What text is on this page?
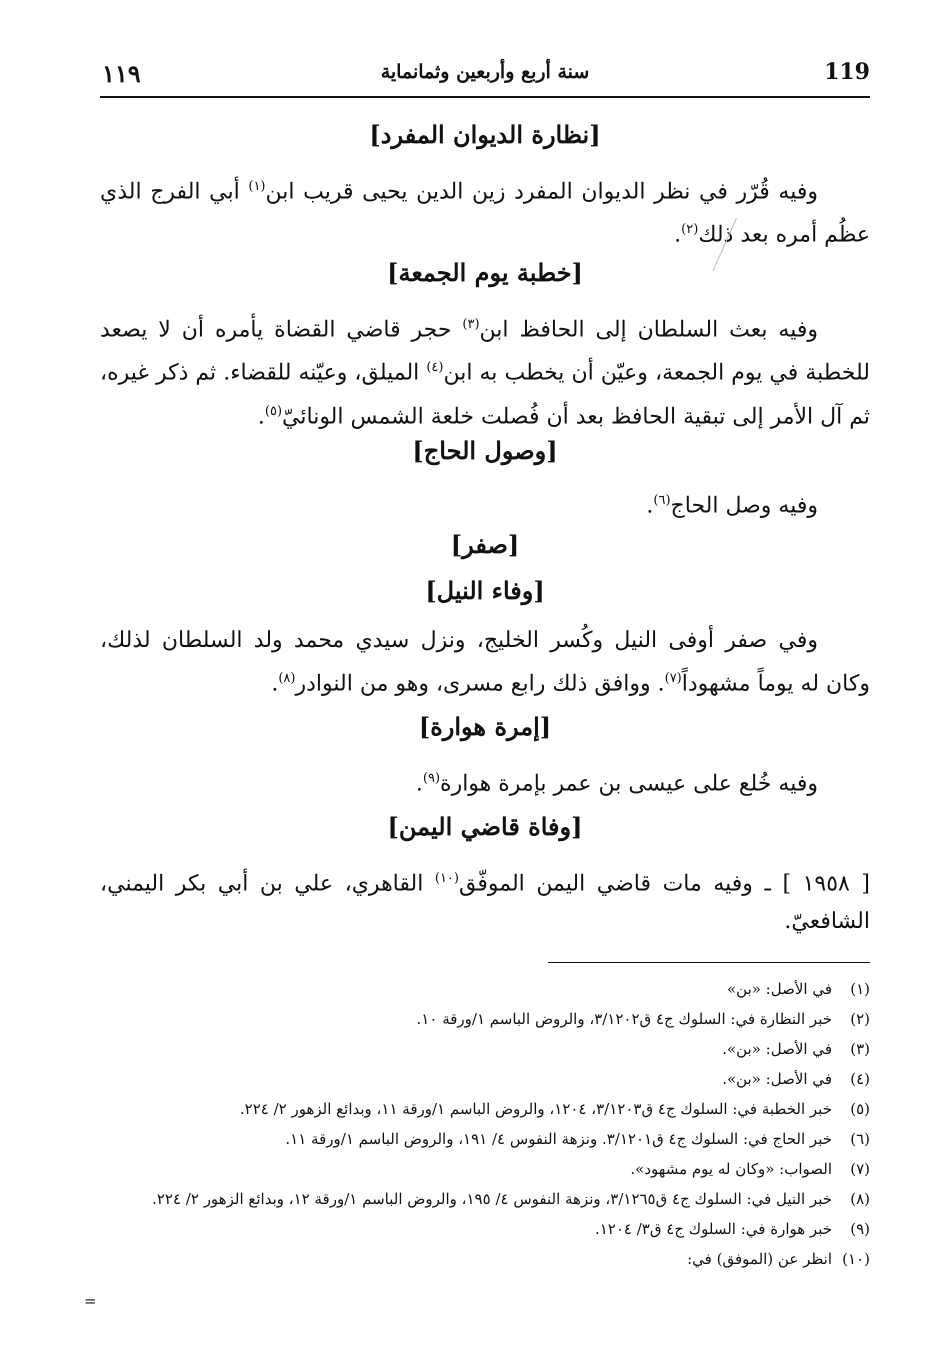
١١٩	سنة أربع وأربعين وثمانماية	119
[نظارة الديوان المفرد]

وفيه قُرّر في نظر الديوان المفرد زين الدين يحيى قريب ابن$^{(١)}$ أبي الفرج الذي عظُم أمره بعد ذلك$^{(٢)}$.

[خطبة يوم الجمعة]

وفيه بعث السلطان إلى الحافظ ابن$^{(٣)}$ حجر قاضي القضاة يأمره أن لا يصعد للخطبة في يوم الجمعة، وعيّن أن يخطب به ابن$^{(٤)}$ الميلق، وعيّنه للقضاء. ثم ذكر غيره، ثم آل الأمر إلى تبقية الحافظ بعد أن فُصلت خلعة الشمس الونائيّ$^{(٥)}$.

[وصول الحاج]

وفيه وصل الحاج$^{(٦)}$.

[صفر]
[وفاء النيل]

وفي صفر أوفى النيل وكُسر الخليج، ونزل سيدي محمد ولد السلطان لذلك، وكان له يوماً مشهوداً$^{(٧)}$. ووافق ذلك رابع مسرى، وهو من النوادر$^{(٨)}$.

[إمرة هوارة]

وفيه خُلع على عيسى بن عمر بإمرة هوارة$^{(٩)}$.

[وفاة قاضي اليمن]

[ ١٩٥٨ ] ـ وفيه مات قاضي اليمن الموفّق$^{(١٠)}$ القاهري، علي بن أبي بكر اليمني، الشافعيّ.

(١)
في الأصل: «بن»
(٢)
خبر النظارة في: السلوك ج٤ ق٣/١٢٠٢، والروض الباسم ١/ورقة ١٠.
(٣)
في الأصل: «بن».
(٤)
في الأصل: «بن».
(٥)
خبر الخطبة في: السلوك ج٤ ق٣/١٢٠٣، ١٢٠٤، والروض الباسم ١/ورقة ١١، وبدائع الزهور ٢/ ٢٢٤.
(٦)
خبر الحاج في: السلوك ج٤ ق٣/١٢٠١. ونزهة النفوس ٤/ ١٩١، والروض الباسم ١/ورقة ١١.
(٧)
الصواب: «وكان له يوم مشهود».
(٨)
خبر النيل في: السلوك ج٤ ق٣/١٢٦٥، ونزهة النفوس ٤/ ١٩٥، والروض الباسم ١/ورقة ١٢، وبدائع الزهور ٢/ ٢٢٤.
(٩)
خبر هوارة في: السلوك ج٤ ق٣/ ١٢٠٤.
(١٠)
انظر عن (الموفق) في:
=
